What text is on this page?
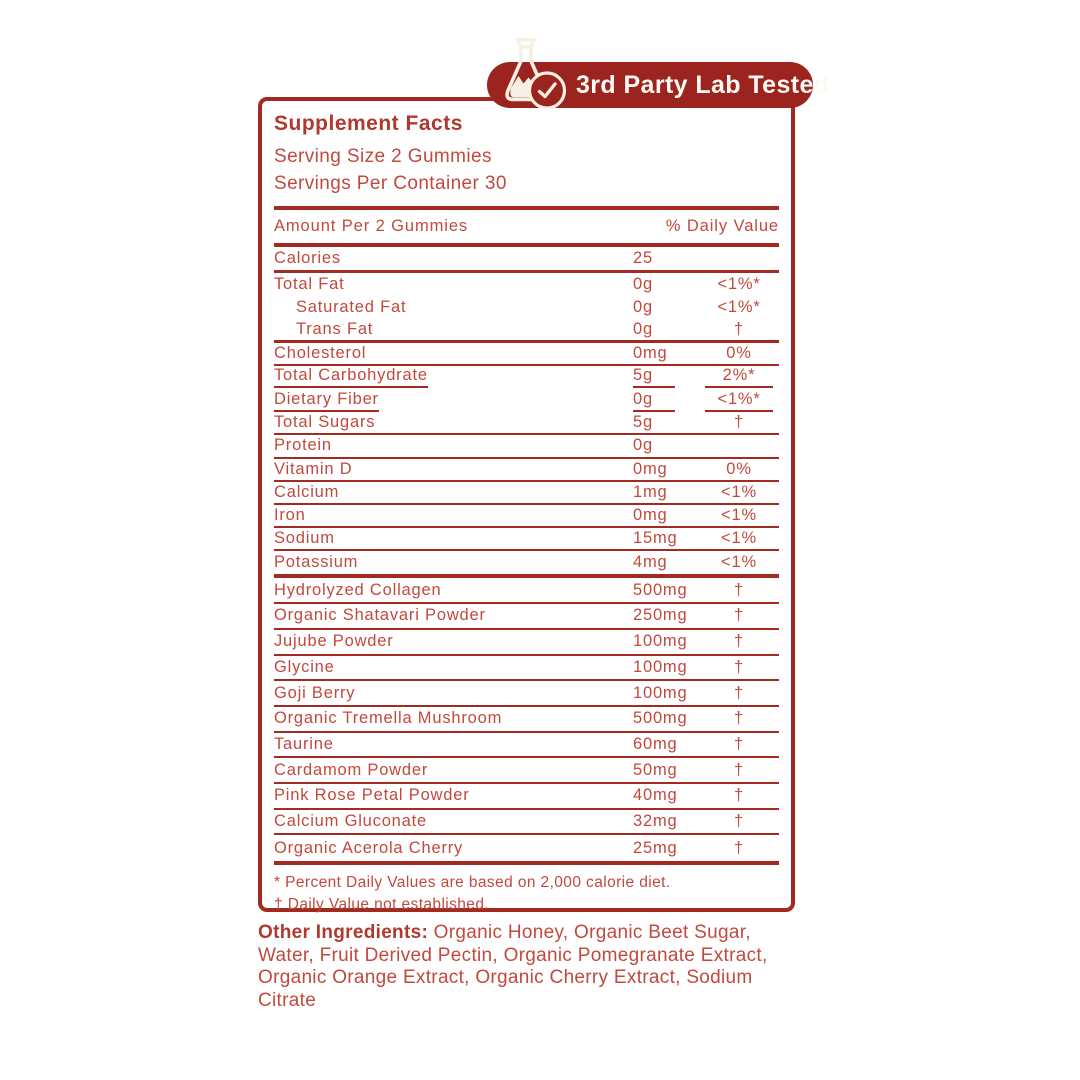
Supplement Facts
Serving Size 2 Gummies
Servings Per Container 30
Amount Per 2 Gummies	% Daily Value
Calories	25
Total Fat	0g	<1%*
Saturated Fat	0g	<1%*
Trans Fat	0g	†
Cholesterol	0mg	0%
Total Carbohydrate	5g	2%*
Dietary Fiber	0g	<1%*
Total Sugars	5g	†
Protein	0g
Vitamin D	0mg	0%
Calcium	1mg	<1%
Iron	0mg	<1%
Sodium	15mg	<1%
Potassium	4mg	<1%
Hydrolyzed Collagen	500mg	†
Organic Shatavari Powder	250mg	†
Jujube Powder	100mg	†
Glycine	100mg	†
Goji Berry	100mg	†
Organic Tremella Mushroom	500mg	†
Taurine	60mg	†
Cardamom Powder	50mg	†
Pink Rose Petal Powder	40mg	†
Calcium Gluconate	32mg	†
Organic Acerola Cherry	25mg	†
* Percent Daily Values are based on 2,000 calorie diet.
† Daily Value not established.
3rd Party Lab Tested

Other Ingredients: Organic Honey, Organic Beet Sugar, Water, Fruit Derived Pectin, Organic Pomegranate Extract, Organic Orange Extract, Organic Cherry Extract, Sodium Citrate
